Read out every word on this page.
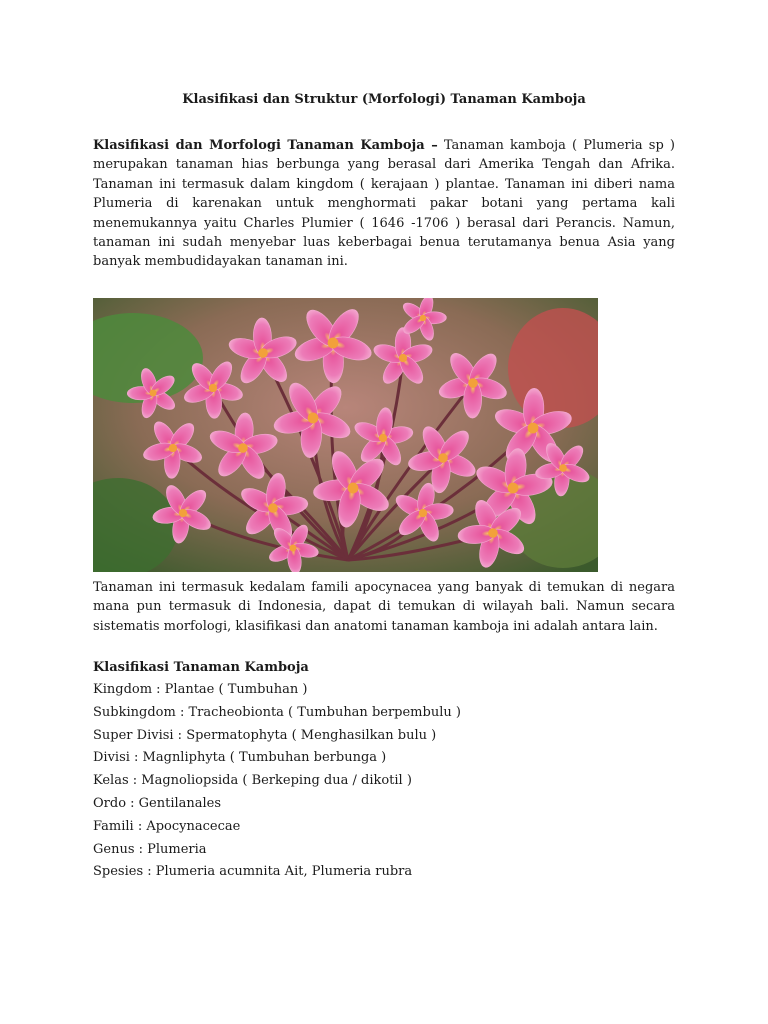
Klasifikasi dan Struktur (Morfologi) Tanaman Kamboja

Klasifikasi dan Morfologi Tanaman Kamboja – Tanaman kamboja ( Plumeria sp ) merupakan tanaman hias berbunga yang berasal dari Amerika Tengah dan Afrika. Tanaman ini termasuk dalam kingdom ( kerajaan ) plantae. Tanaman ini diberi nama Plumeria di karenakan untuk menghormati pakar botani yang pertama kali menemukannya yaitu Charles Plumier ( 1646 -1706 ) berasal dari Perancis. Namun, tanaman ini sudah menyebar luas keberbagai benua terutamanya benua Asia yang banyak membudidayakan tanaman ini.

Tanaman ini termasuk kedalam famili apocynacea yang banyak di temukan di negara mana pun termasuk di Indonesia, dapat di temukan di wilayah bali. Namun secara sistematis morfologi, klasifikasi dan anatomi tanaman kamboja ini adalah antara lain.

Klasifikasi Tanaman Kamboja
Kingdom : Plantae ( Tumbuhan )
Subkingdom : Tracheobionta ( Tumbuhan berpembulu )
Super Divisi : Spermatophyta ( Menghasilkan bulu )
Divisi : Magnliphyta ( Tumbuhan berbunga )
Kelas : Magnoliopsida ( Berkeping dua / dikotil )
Ordo : Gentilanales
Famili : Apocynacecae
Genus : Plumeria
Spesies : Plumeria acumnita Ait, Plumeria rubra
